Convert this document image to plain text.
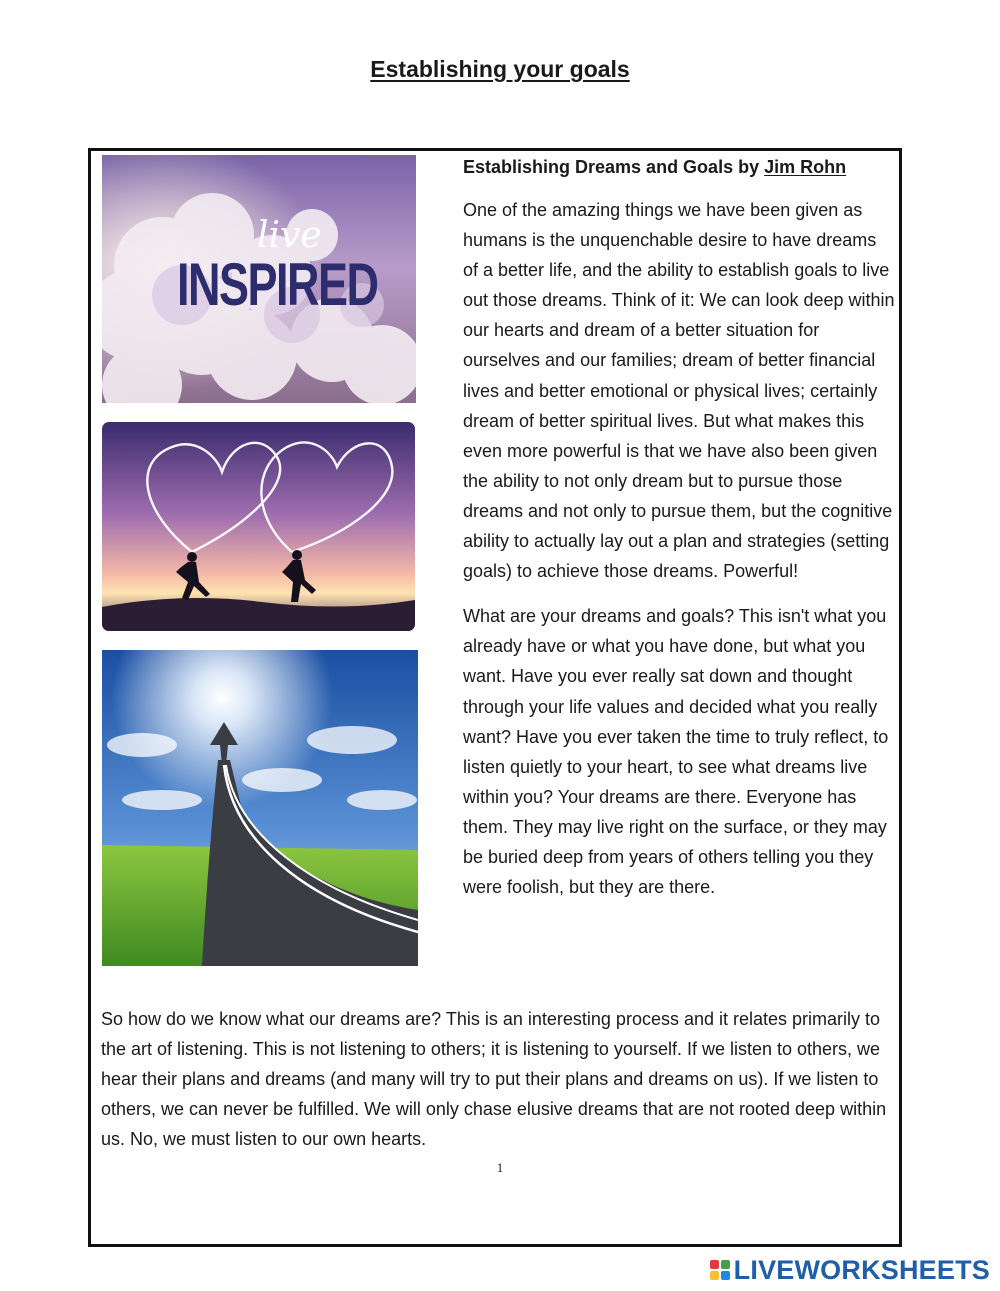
Establishing your goals
live
INSPIRED

Establishing Dreams and Goals by Jim Rohn

One of the amazing things we have been given as humans is the unquenchable desire to have dreams of a better life, and the ability to establish goals to live out those dreams. Think of it: We can look deep within our hearts and dream of a better situation for ourselves and our families; dream of better financial lives and better emotional or physical lives; certainly dream of better spiritual lives. But what makes this even more powerful is that we have also been given the ability to not only dream but to pursue those dreams and not only to pursue them, but the cognitive ability to actually lay out a plan and strategies (setting goals) to achieve those dreams. Powerful!

What are your dreams and goals? This isn't what you already have or what you have done, but what you want. Have you ever really sat down and thought through your life values and decided what you really want? Have you ever taken the time to truly reflect, to listen quietly to your heart, to see what dreams live within you? Your dreams are there. Everyone has them. They may live right on the surface, or they may be buried deep from years of others telling you they were foolish, but they are there.

So how do we know what our dreams are? This is an interesting process and it relates primarily to the art of listening. This is not listening to others; it is listening to yourself. If we listen to others, we hear their plans and dreams (and many will try to put their plans and dreams on us). If we listen to others, we can never be fulfilled. We will only chase elusive dreams that are not rooted deep within us. No, we must listen to our own hearts.

1
LIVEWORKSHEETS
